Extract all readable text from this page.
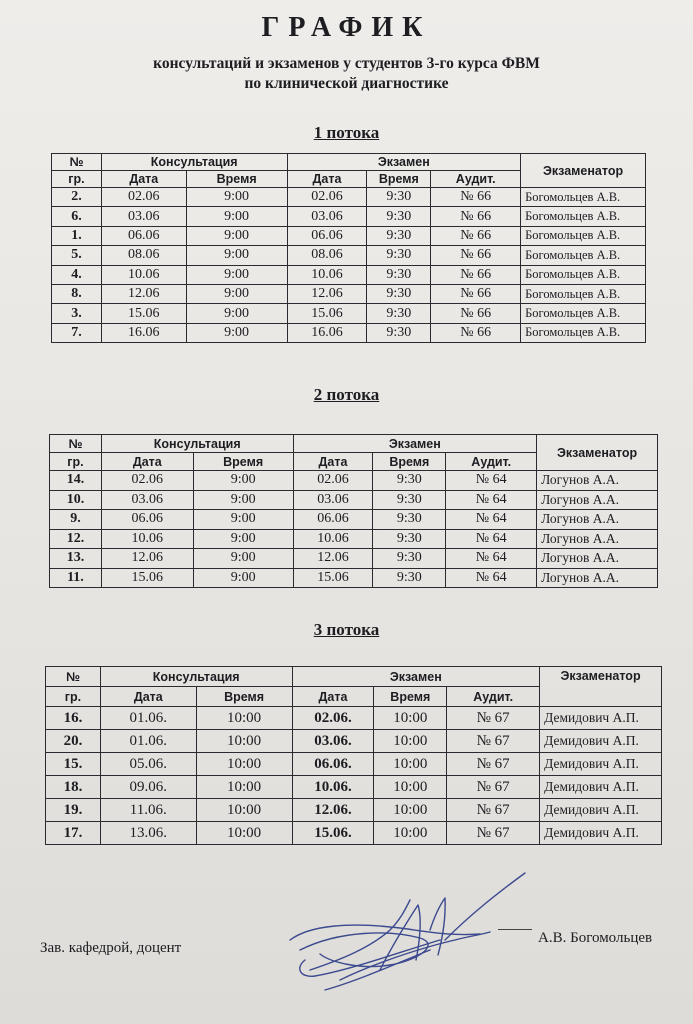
ГРАФИК
консультаций и экзаменов у студентов 3-го курса ФВМ
по клинической диагностике
1 потока
№	Консультация		Экзамен			Экзаменатор
гр.	Дата	Время	Дата	Время	Аудит.	
2.	02.06	9:00	02.06	9:30	№ 66	Богомольцев А.В.
6.	03.06	9:00	03.06	9:30	№ 66	Богомольцев А.В.
1.	06.06	9:00	06.06	9:30	№ 66	Богомольцев А.В.
5.	08.06	9:00	08.06	9:30	№ 66	Богомольцев А.В.
4.	10.06	9:00	10.06	9:30	№ 66	Богомольцев А.В.
8.	12.06	9:00	12.06	9:30	№ 66	Богомольцев А.В.
3.	15.06	9:00	15.06	9:30	№ 66	Богомольцев А.В.
7.	16.06	9:00	16.06	9:30	№ 66	Богомольцев А.В.
2 потока
№	Консультация		Экзамен			Экзаменатор
гр.	Дата	Время	Дата	Время	Аудит.	
14.	02.06	9:00	02.06	9:30	№ 64	Логунов А.А.
10.	03.06	9:00	03.06	9:30	№ 64	Логунов А.А.
9.	06.06	9:00	06.06	9:30	№ 64	Логунов А.А.
12.	10.06	9:00	10.06	9:30	№ 64	Логунов А.А.
13.	12.06	9:00	12.06	9:30	№ 64	Логунов А.А.
11.	15.06	9:00	15.06	9:30	№ 64	Логунов А.А.
3 потока
№	Консультация		Экзамен			Экзаменатор
гр.	Дата	Время	Дата	Время	Аудит.	
16.	01.06.	10:00	02.06.	10:00	№ 67	Демидович А.П.
20.	01.06.	10:00	03.06.	10:00	№ 67	Демидович А.П.
15.	05.06.	10:00	06.06.	10:00	№ 67	Демидович А.П.
18.	09.06.	10:00	10.06.	10:00	№ 67	Демидович А.П.
19.	11.06.	10:00	12.06.	10:00	№ 67	Демидович А.П.
17.	13.06.	10:00	15.06.	10:00	№ 67	Демидович А.П.
Зав. кафедрой, доцент
А.В. Богомольцев
